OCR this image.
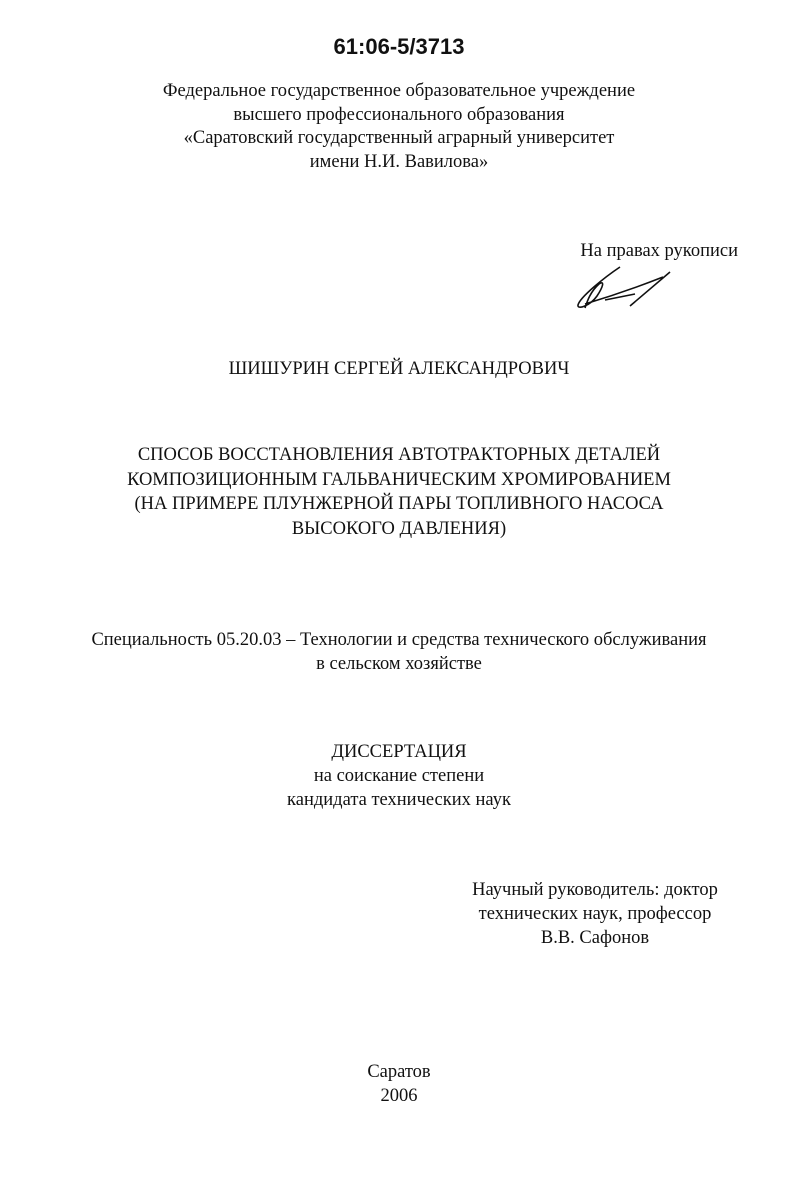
61:06-5/3713
Федеральное государственное образовательное учреждение
высшего профессионального образования
«Саратовский государственный аграрный университет
имени Н.И. Вавилова»
На правах рукописи
ШИШУРИН СЕРГЕЙ АЛЕКСАНДРОВИЧ
СПОСОБ ВОССТАНОВЛЕНИЯ АВТОТРАКТОРНЫХ ДЕТАЛЕЙ
КОМПОЗИЦИОННЫМ ГАЛЬВАНИЧЕСКИМ ХРОМИРОВАНИЕМ
(НА ПРИМЕРЕ ПЛУНЖЕРНОЙ ПАРЫ ТОПЛИВНОГО НАСОСА
ВЫСОКОГО ДАВЛЕНИЯ)
Специальность 05.20.03 – Технологии и средства технического обслуживания
в сельском хозяйстве
ДИССЕРТАЦИЯ
на соискание степени
кандидата технических наук
Научный руководитель: доктор
технических наук, профессор
В.В. Сафонов
Саратов
2006
